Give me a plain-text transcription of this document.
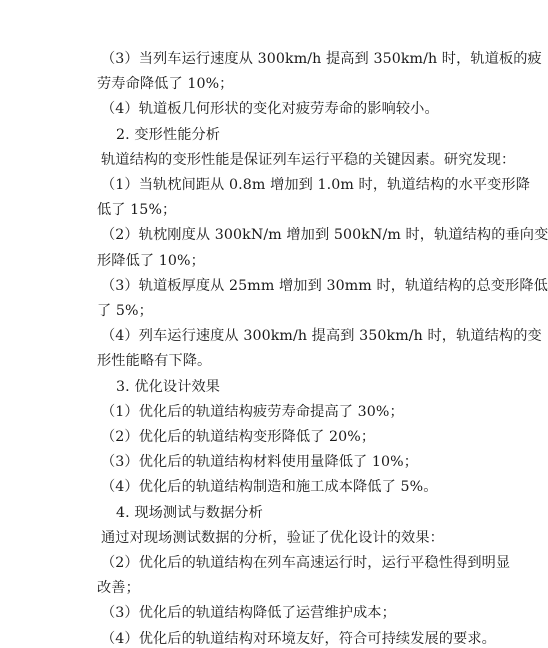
（3）当列车运行速度从 300km/h 提高到 350km/h 时，轨道板的疲
劳寿命降低了 10%；
（4）轨道板几何形状的变化对疲劳寿命的影响较小。
2. 变形性能分析
轨道结构的变形性能是保证列车运行平稳的关键因素。研究发现：
（1）当轨枕间距从 0.8m 增加到 1.0m 时，轨道结构的水平变形降
低了 15%；
（2）轨枕刚度从 300kN/m 增加到 500kN/m 时，轨道结构的垂向变
形降低了 10%；
（3）轨道板厚度从 25mm 增加到 30mm 时，轨道结构的总变形降低
了 5%；
（4）列车运行速度从 300km/h 提高到 350km/h 时，轨道结构的变
形性能略有下降。
3. 优化设计效果
（1）优化后的轨道结构疲劳寿命提高了 30%；
（2）优化后的轨道结构变形降低了 20%；
（3）优化后的轨道结构材料使用量降低了 10%；
（4）优化后的轨道结构制造和施工成本降低了 5%。
4. 现场测试与数据分析
通过对现场测试数据的分析，验证了优化设计的效果：
（2）优化后的轨道结构在列车高速运行时，运行平稳性得到明显
改善；
（3）优化后的轨道结构降低了运营维护成本；
（4）优化后的轨道结构对环境友好，符合可持续发展的要求。
